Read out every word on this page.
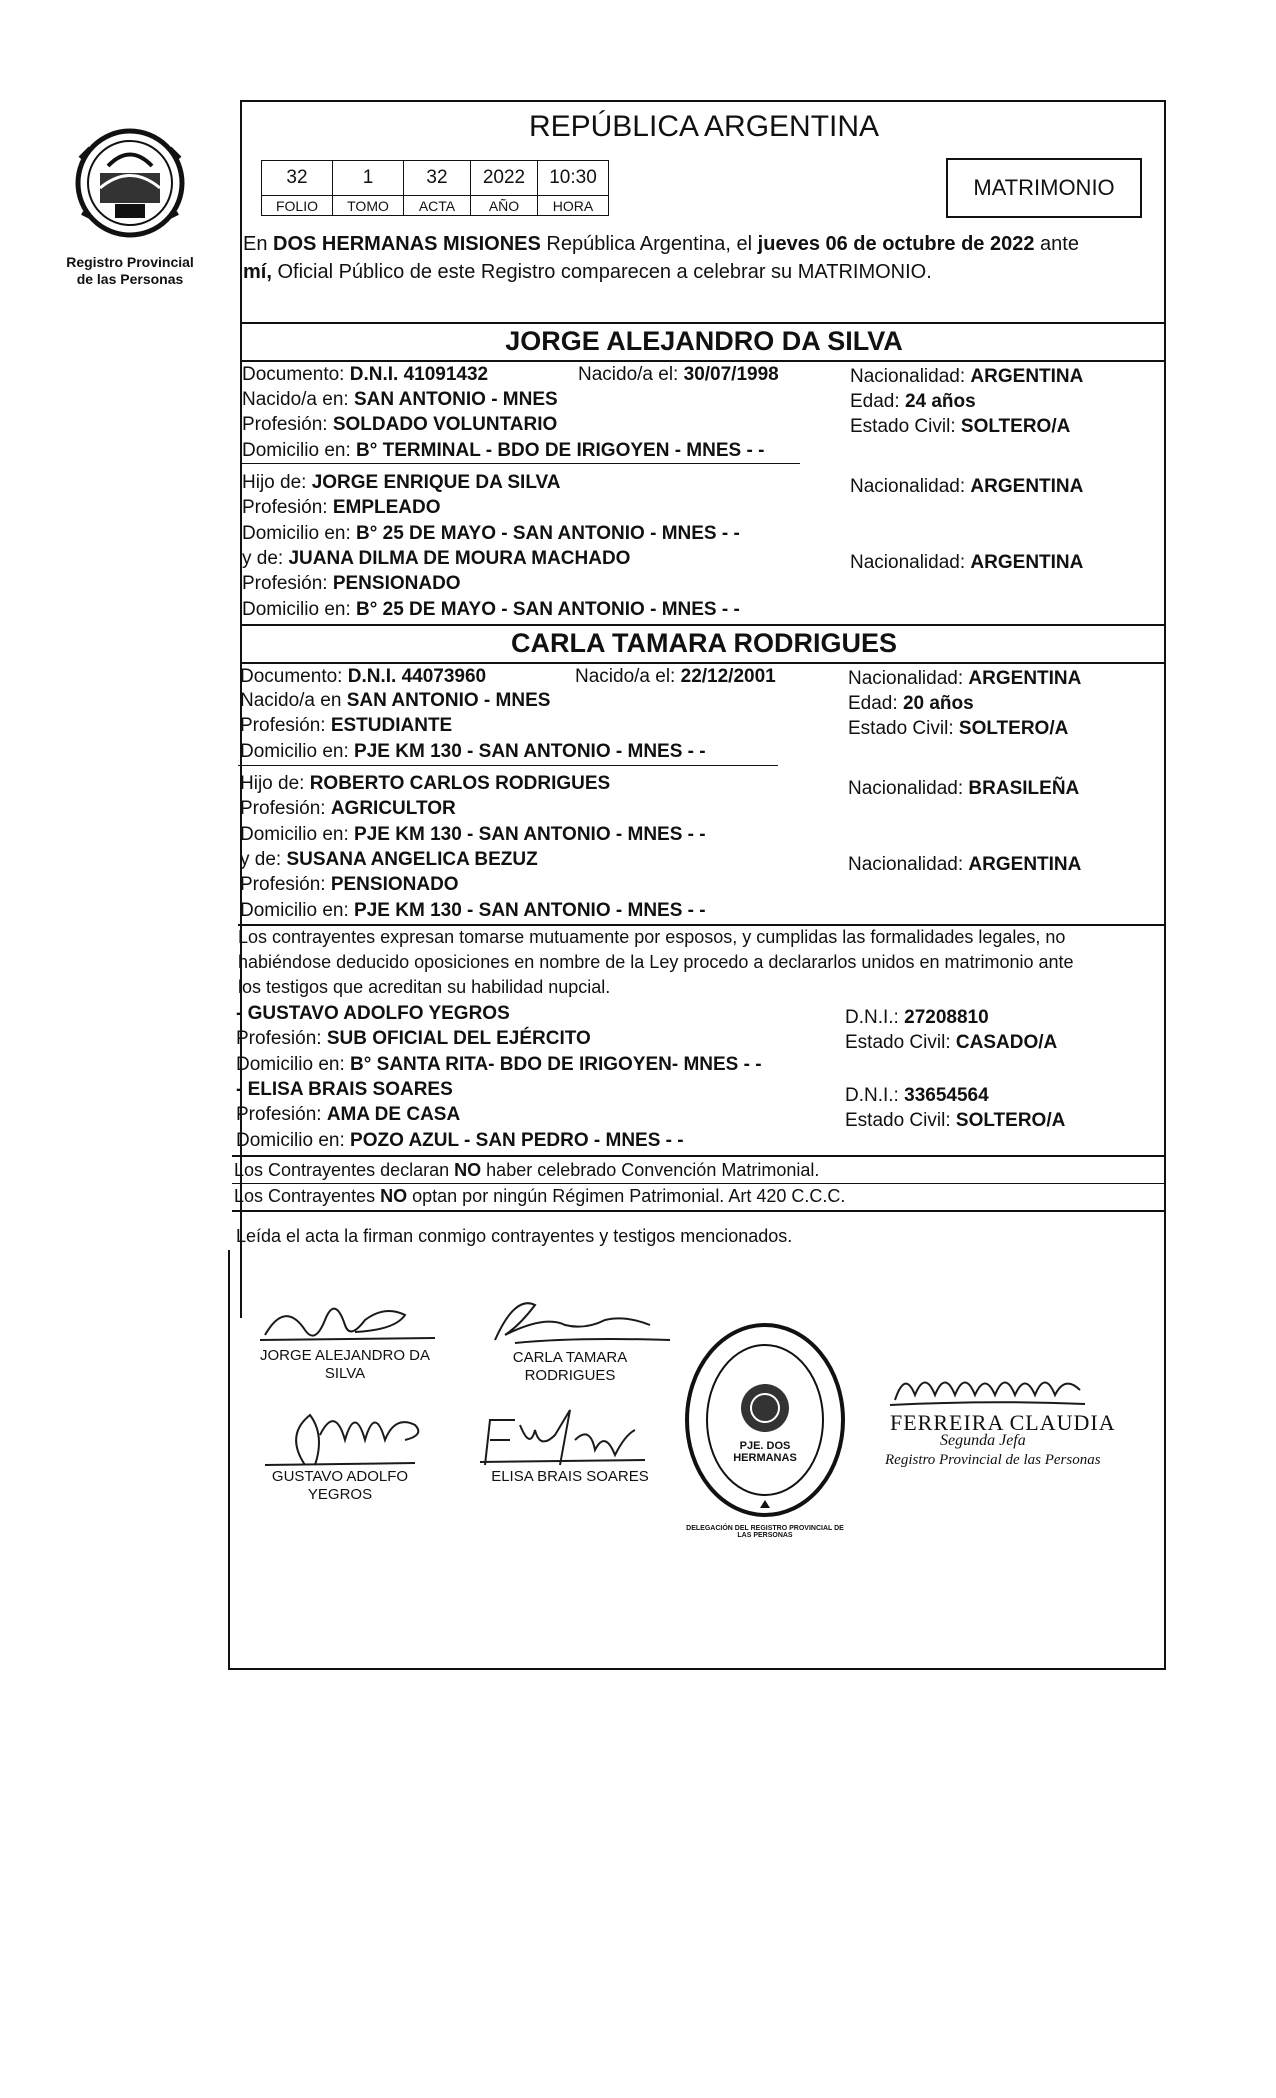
Registro Provincial
de las Personas
REPÚBLICA ARGENTINA
32	1	32	2022	10:30
FOLIO	TOMO	ACTA	AÑO	HORA
MATRIMONIO
En DOS HERMANAS MISIONES República Argentina, el jueves 06 de octubre de 2022 ante
mí, Oficial Público de este Registro comparecen a celebrar su MATRIMONIO.
JORGE ALEJANDRO DA SILVA
Documento: D.N.I. 41091432	Nacido/a el: 30/07/1998	Nacionalidad: ARGENTINA
Nacido/a en: SAN ANTONIO - MNES	Edad: 24 años
Profesión: SOLDADO VOLUNTARIO	Estado Civil: SOLTERO/A
Domicilio en: B° TERMINAL - BDO DE IRIGOYEN - MNES - -
Hijo de: JORGE ENRIQUE DA SILVA	Nacionalidad: ARGENTINA
Profesión: EMPLEADO
Domicilio en: B° 25 DE MAYO - SAN ANTONIO - MNES - -
y de: JUANA DILMA DE MOURA MACHADO	Nacionalidad: ARGENTINA
Profesión: PENSIONADO
Domicilio en: B° 25 DE MAYO - SAN ANTONIO - MNES - -
CARLA TAMARA RODRIGUES
Documento: D.N.I. 44073960	Nacido/a el: 22/12/2001	Nacionalidad: ARGENTINA
Nacido/a en SAN ANTONIO - MNES	Edad: 20 años
Profesión: ESTUDIANTE	Estado Civil: SOLTERO/A
Domicilio en: PJE KM 130 - SAN ANTONIO - MNES - -
Hijo de: ROBERTO CARLOS RODRIGUES	Nacionalidad: BRASILEÑA
Profesión: AGRICULTOR
Domicilio en: PJE KM 130 - SAN ANTONIO - MNES - -
y de: SUSANA ANGELICA BEZUZ	Nacionalidad: ARGENTINA
Profesión: PENSIONADO
Domicilio en: PJE KM 130 - SAN ANTONIO - MNES - -
Los contrayentes expresan tomarse mutuamente por esposos, y cumplidas las formalidades legales, no
habiéndose deducido oposiciones en nombre de la Ley procedo a declararlos unidos en matrimonio ante
los testigos que acreditan su habilidad nupcial.
- GUSTAVO ADOLFO YEGROS	D.N.I.: 27208810
Profesión: SUB OFICIAL DEL EJÉRCITO	Estado Civil: CASADO/A
Domicilio en: B° SANTA RITA- BDO DE IRIGOYEN- MNES - -
- ELISA BRAIS SOARES	D.N.I.: 33654564
Profesión: AMA DE CASA	Estado Civil: SOLTERO/A
Domicilio en: POZO AZUL - SAN PEDRO - MNES - -
Los Contrayentes declaran NO haber celebrado Convención Matrimonial.
Los Contrayentes NO optan por ningún Régimen Patrimonial. Art 420 C.C.C.
Leída el acta la firman conmigo contrayentes y testigos mencionados.
JORGE ALEJANDRO DA
SILVA
CARLA TAMARA
RODRIGUES
GUSTAVO ADOLFO
YEGROS
ELISA BRAIS SOARES
DELEGACIÓN DEL REGISTRO PROVINCIAL DE LAS PERSONAS
PJE. DOS HERMANAS
FERREIRA CLAUDIA
Segunda Jefa
Registro Provincial de las Personas
